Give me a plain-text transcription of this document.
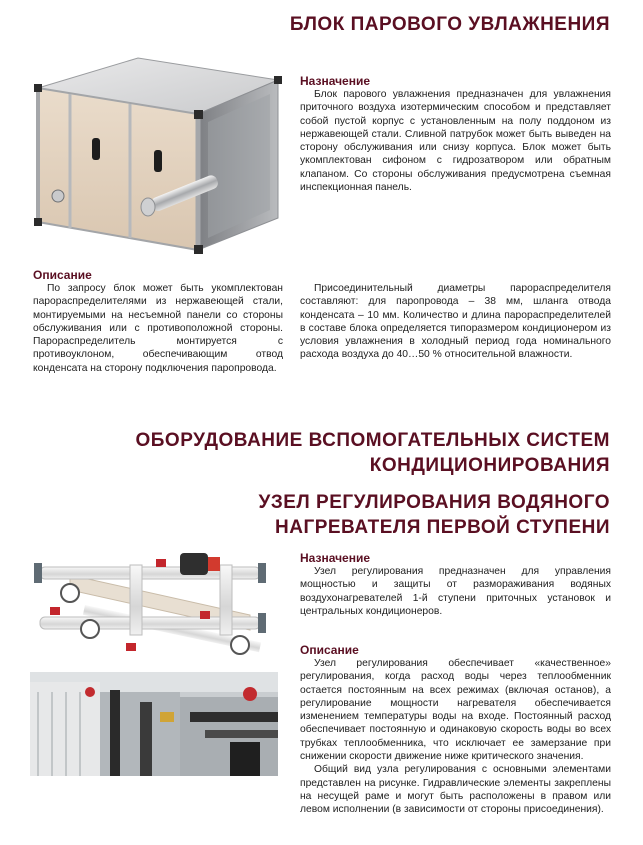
БЛОК ПАРОВОГО УВЛАЖНЕНИЯ
Назначение

Блок парового увлажнения предназначен для увлажнения приточного воздуха изотермическим способом и представляет собой пустой корпус с установленным на полу поддоном из нержавеющей стали. Сливной патрубок может быть выведен на сторону обслуживания или снизу корпуса. Блок может быть укомплектован сифоном с гидрозатвором или обратным клапаном. Со стороны обслуживания предусмотрена съемная инспекционная панель.

Описание

По запросу блок может быть укомплектован парораспределителями из нержавеющей стали, монтируемыми на несъемной панели со стороны обслуживания или с противоположной стороны. Парораспределитель монтируется с противоуклоном, обеспечивающим отвод конденсата на сторону подключения паропровода.

Присоединительный диаметры парораспределителя составляют: для паропровода – 38 мм, шланга отвода конденсата – 10 мм. Количество и длина парораспределителей в составе блока определяется типоразмером кондиционером из условия увлажнения в холодный период года номинального расхода воздуха до 40…50 % относительной влажности.

ОБОРУДОВАНИЕ ВСПОМОГАТЕЛЬНЫХ СИСТЕМ
КОНДИЦИОНИРОВАНИЯ
УЗЕЛ РЕГУЛИРОВАНИЯ ВОДЯНОГО
НАГРЕВАТЕЛЯ ПЕРВОЙ СТУПЕНИ
Назначение

Узел регулирования предназначен для управления мощностью и защиты от размораживания водяных воздухонагревателей 1-й ступени приточных установок и центральных кондиционеров.

Описание

Узел регулирования обеспечивает «качественное» регулирования, когда расход воды через теплообменник остается постоянным на всех режимах (включая останов), а регулирование мощности нагревателя обеспечивается изменением температуры воды на входе. Постоянный расход обеспечивает постоянную и одинаковую скорость воды во всех трубках теплообменника, что исключает ее замерзание при снижении скорости движение ниже критического значения.

Общий вид узла регулирования с основными элементами представлен на рисунке. Гидравлические элементы закреплены на несущей раме и могут быть расположены в правом или левом исполнении (в зависимости от стороны присоединения).
